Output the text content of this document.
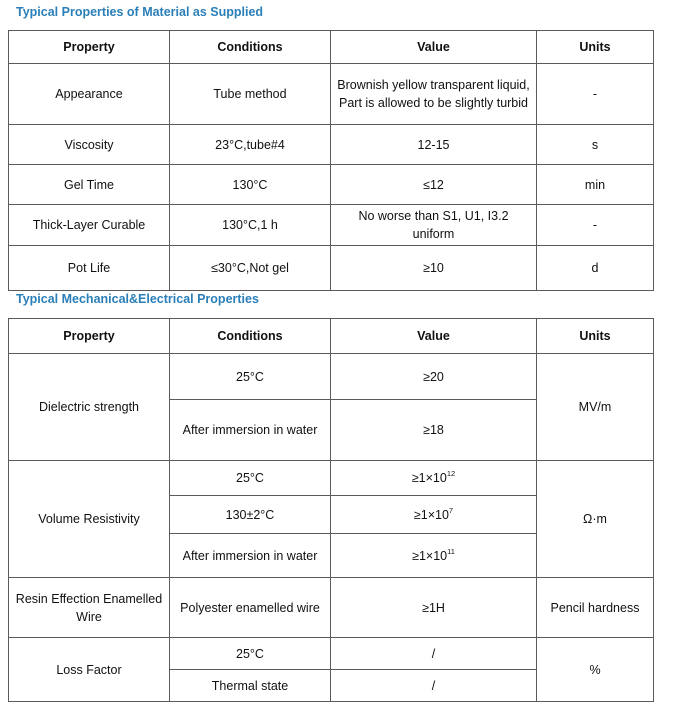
Typical Properties of Material as Supplied
Property	Conditions	Value	Units
Appearance	Tube method	Brownish yellow transparent liquid, Part is allowed to be slightly turbid	-
Viscosity	23°C,tube#4	12-15	s
Gel Time	130°C	≤12	min
Thick-Layer Curable	130°C,1 h	No worse than S1, U1, I3.2 uniform	-
Pot Life	≤30°C,Not gel	≥10	d
Typical Mechanical&Electrical Properties
Property	Conditions	Value	Units
Dielectric strength	25°C	≥20	MV/m
	After immersion in water	≥18	
Volume Resistivity	25°C	$\ge 1\times 10^{12}$	Ω·m
	130±2°C	$\ge 1\times 10^7$
	After immersion in water	$\ge 1\times 10^{11}$
Resin Effection Enamelled Wire	Polyester enamelled wire	≥1H	Pencil hardness
Loss Factor	25°C	/	%
	Thermal state	/	
